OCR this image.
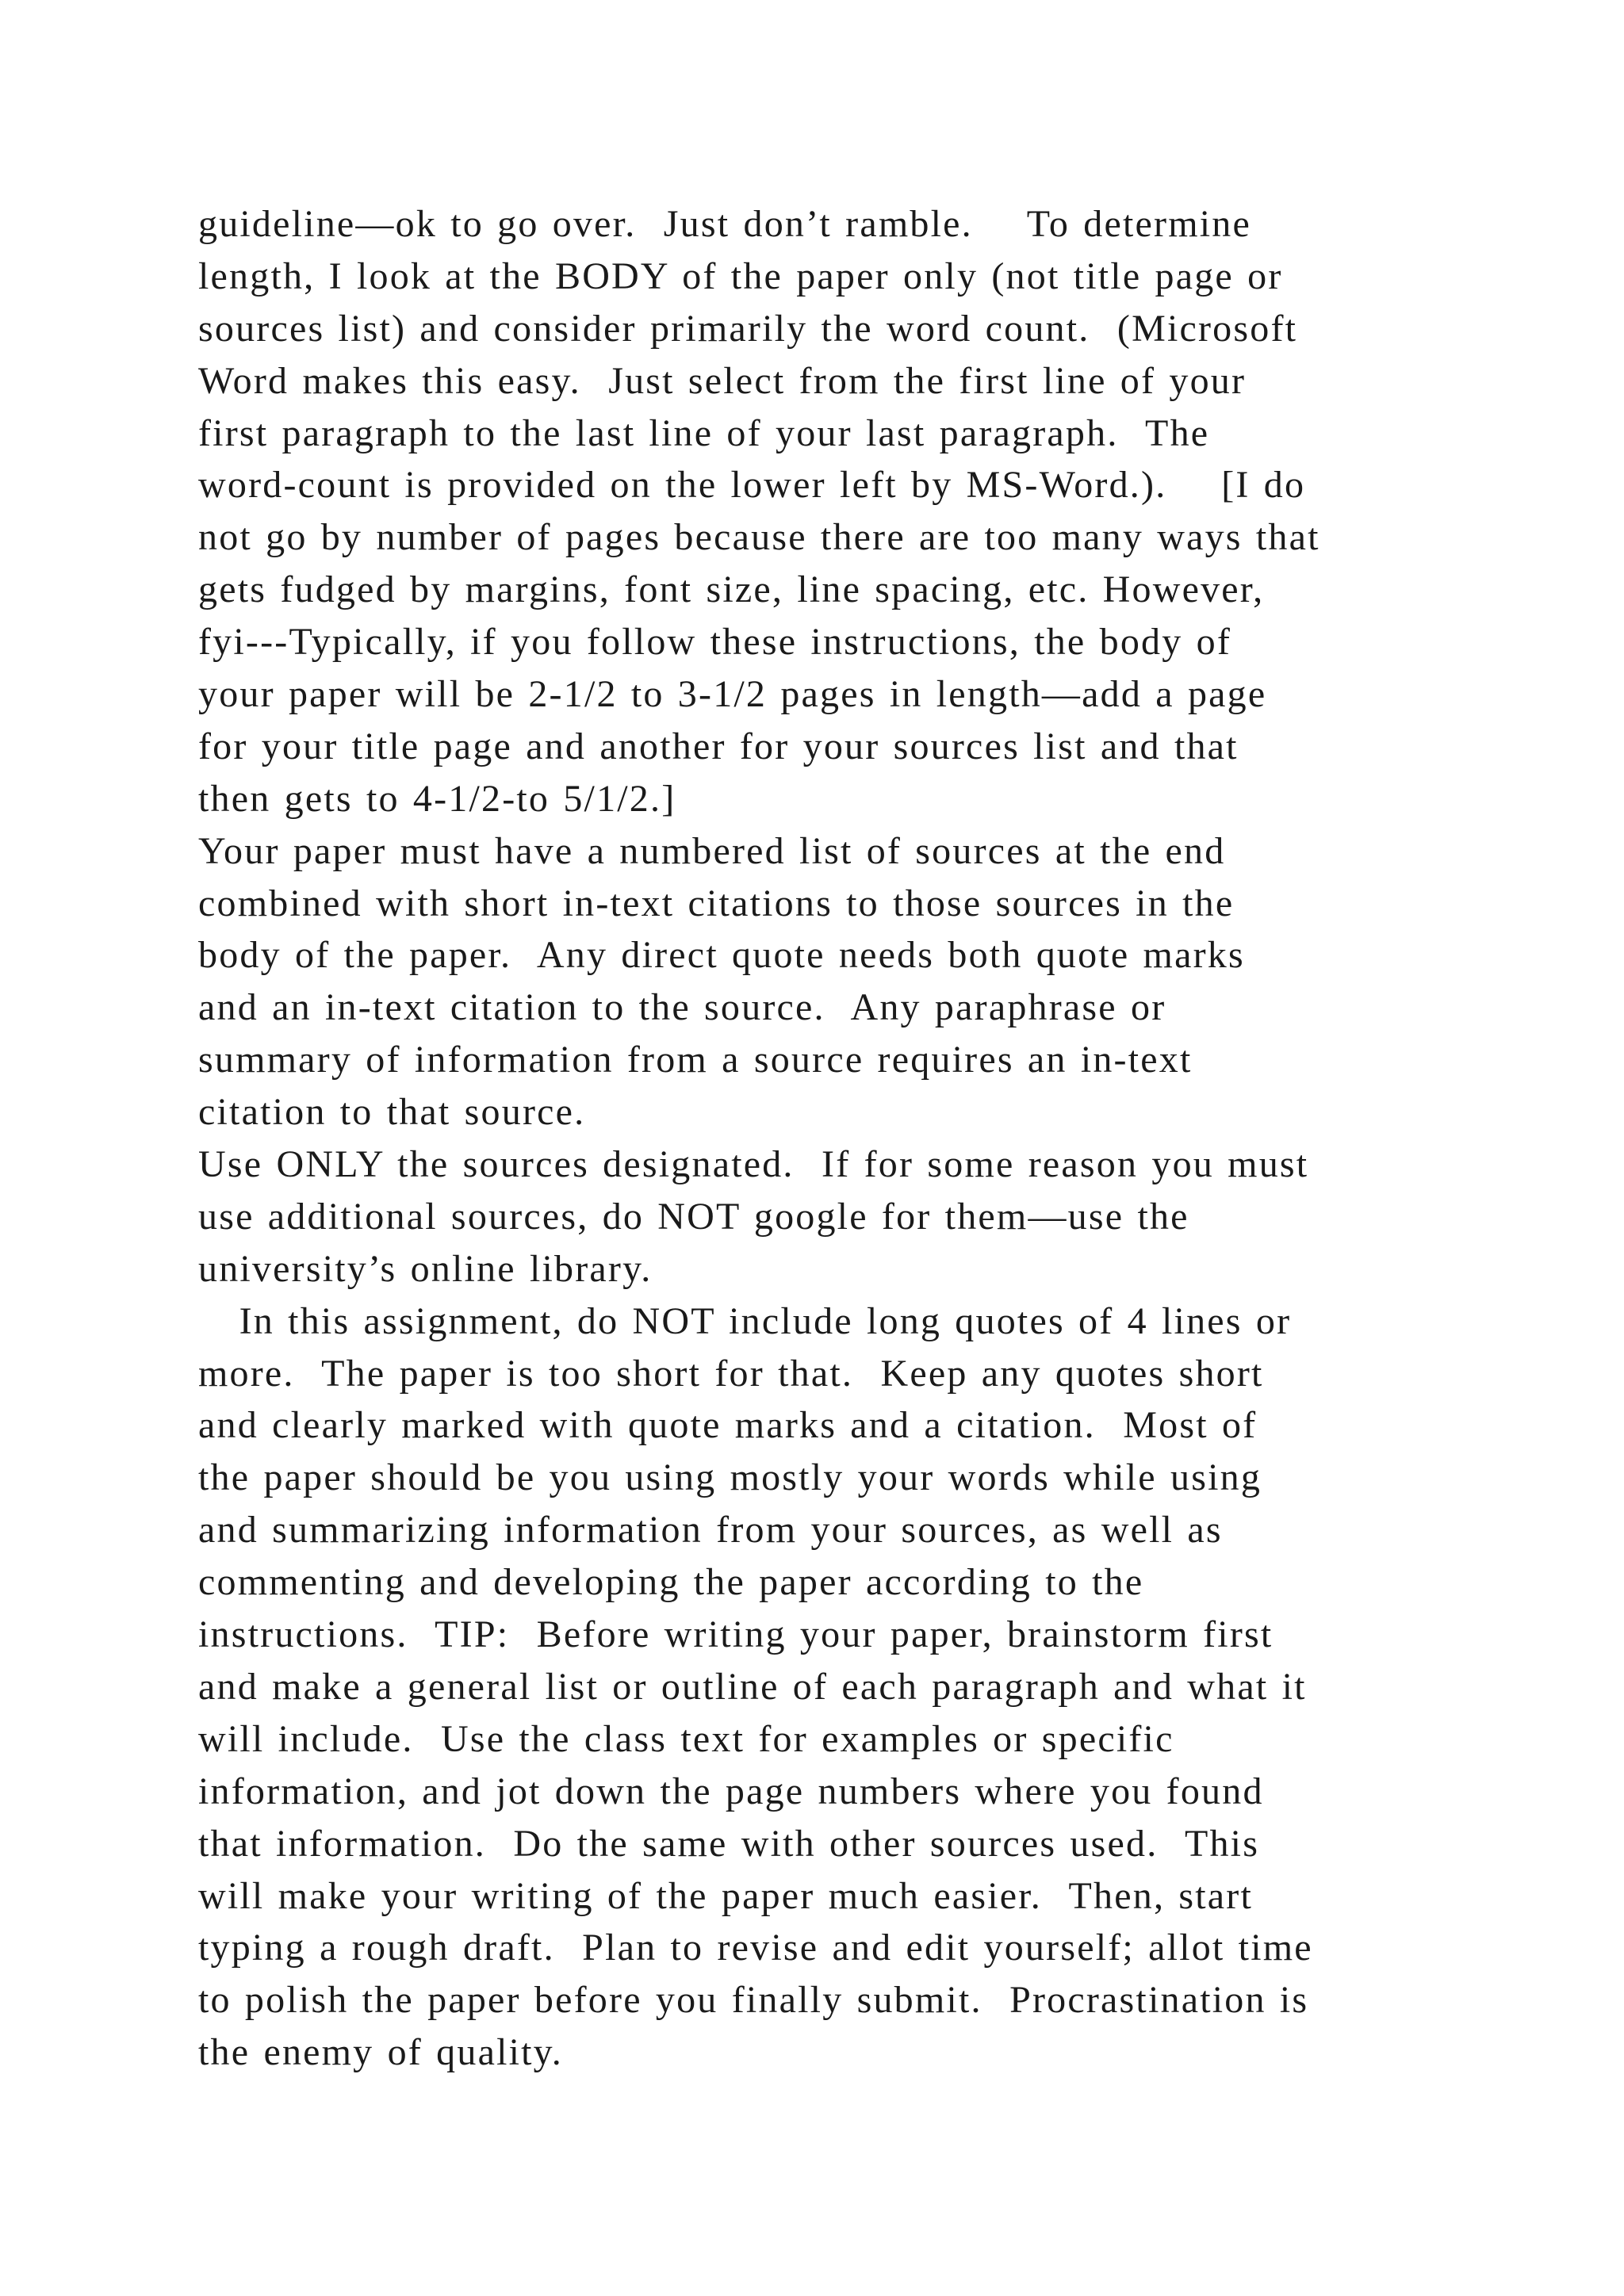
guideline—ok to go over.  Just don’t ramble.    To determine
length, I look at the BODY of the paper only (not title page or
sources list) and consider primarily the word count.  (Microsoft
Word makes this easy.  Just select from the first line of your
first paragraph to the last line of your last paragraph.  The
word-count is provided on the lower left by MS-Word.).    [I do
not go by number of pages because there are too many ways that
gets fudged by margins, font size, line spacing, etc. However,
fyi---Typically, if you follow these instructions, the body of
your paper will be 2-1/2 to 3-1/2 pages in length—add a page
for your title page and another for your sources list and that
then gets to 4-1/2-to 5/1/2.]
Your paper must have a numbered list of sources at the end
combined with short in-text citations to those sources in the
body of the paper.  Any direct quote needs both quote marks
and an in-text citation to the source.  Any paraphrase or
summary of information from a source requires an in-text
citation to that source.
Use ONLY the sources designated.  If for some reason you must
use additional sources, do NOT google for them—use the
university’s online library.
In this assignment, do NOT include long quotes of 4 lines or
more.  The paper is too short for that.  Keep any quotes short
and clearly marked with quote marks and a citation.  Most of
the paper should be you using mostly your words while using
and summarizing information from your sources, as well as
commenting and developing the paper according to the
instructions.  TIP:  Before writing your paper, brainstorm first
and make a general list or outline of each paragraph and what it
will include.  Use the class text for examples or specific
information, and jot down the page numbers where you found
that information.  Do the same with other sources used.  This
will make your writing of the paper much easier.  Then, start
typing a rough draft.  Plan to revise and edit yourself; allot time
to polish the paper before you finally submit.  Procrastination is
the enemy of quality.
